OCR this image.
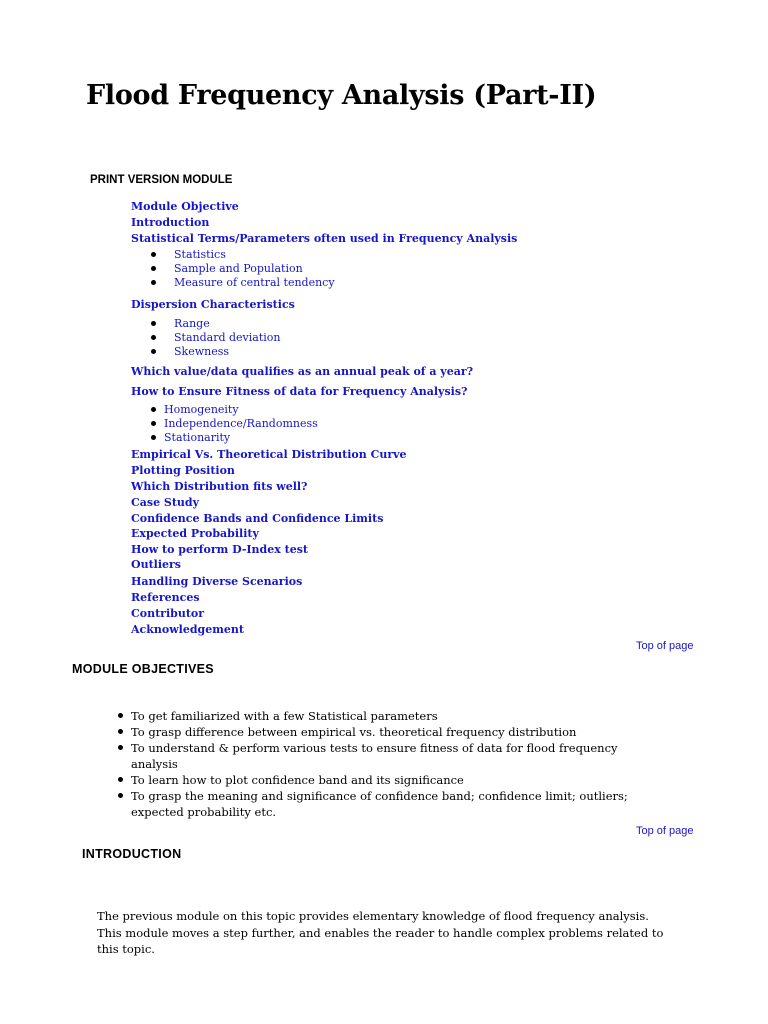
Flood Frequency Analysis (Part-II)
PRINT VERSION MODULE
Module Objective
Introduction
Statistical Terms/Parameters often used in Frequency Analysis
Statistics
Sample and Population
Measure of central tendency
Dispersion Characteristics
Range
Standard deviation
Skewness
Which value/data qualifies as an annual peak of a year?
How to Ensure Fitness of data for Frequency Analysis?
Homogeneity
Independence/Randomness
Stationarity
Empirical Vs. Theoretical Distribution Curve
Plotting Position
Which Distribution fits well?
Case Study
Confidence Bands and Confidence Limits
Expected Probability
How to perform D-Index test
Outliers
Handling Diverse Scenarios
References
Contributor
Acknowledgement
Top of page
MODULE OBJECTIVES
To get familiarized with a few Statistical parameters
To grasp difference between empirical vs. theoretical frequency distribution
To understand & perform various tests to ensure fitness of data for flood frequency analysis
To learn how to plot confidence band and its significance
To grasp the meaning and significance of confidence band; confidence limit; outliers; expected probability etc.
Top of page
INTRODUCTION

The previous module on this topic provides elementary knowledge of flood frequency analysis. This module moves a step further, and enables the reader to handle complex problems related to this topic.
